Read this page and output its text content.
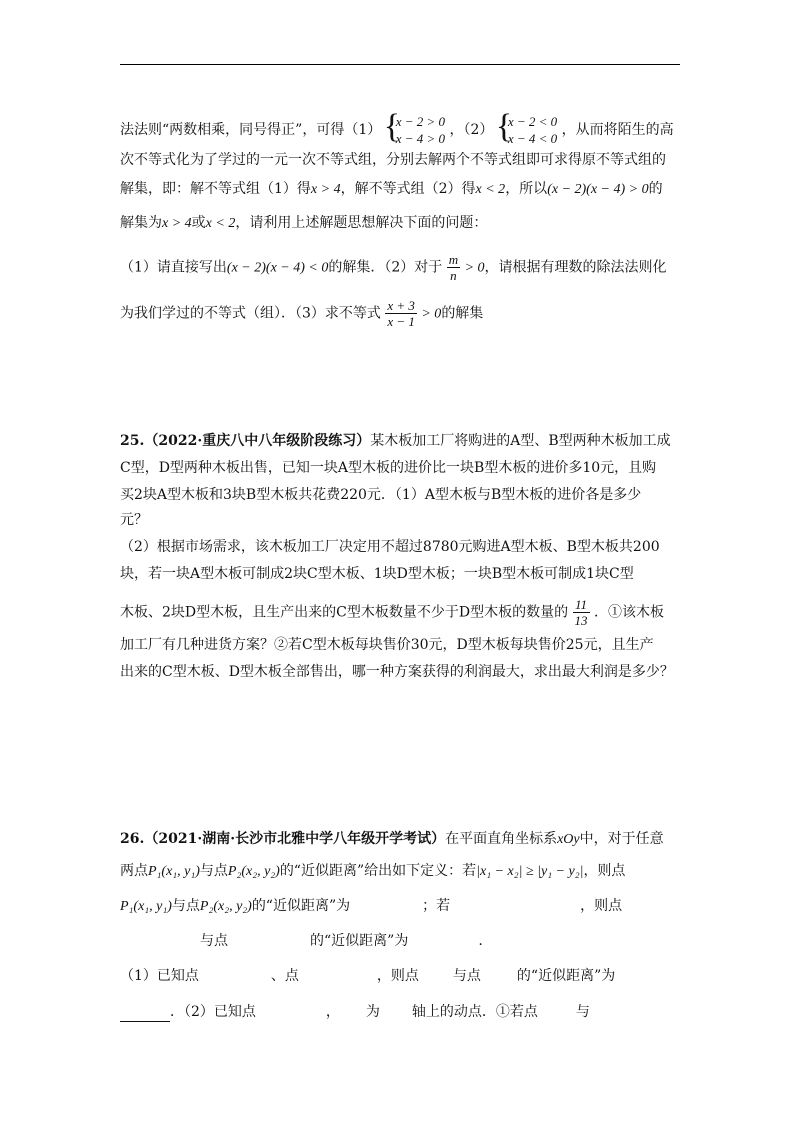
法法则“两数相乘，同号得正”，可得（1）
{ x − 2 > 0
x − 4 > 0
，（2）
{ x − 2 < 0
x − 4 < 0
，从而将陌生的高
次不等式化为了学过的一元一次不等式组，分别去解两个不等式组即可求得原不等式组的
解集，即：解不等式组（1）得x > 4，解不等式组（2）得x < 2，所以(x − 2)(x − 4) > 0的
解集为x > 4或x < 2，请利用上述解题思想解决下面的问题：
（1）请直接写出(x − 2)(x − 4) < 0的解集．（2）对于 $\frac{m}{n} > 0$，请根据有理数的除法法则化
为我们学过的不等式（组）．（3）求不等式 $\frac{x + 3}{x - 1} > 0$的解集
25.（2022·重庆八中八年级阶段练习）某木板加工厂将购进的A型、B型两种木板加工成
C型，D型两种木板出售，已知一块A型木板的进价比一块B型木板的进价多10元，且购
买2块A型木板和3块B型木板共花费220元．（1）A型木板与B型木板的进价各是多少
元？
（2）根据市场需求，该木板加工厂决定用不超过8780元购进A型木板、B型木板共200
块，若一块A型木板可制成2块C型木板、1块D型木板；一块B型木板可制成1块C型
木板、2块D型木板，且生产出来的C型木板数量不少于D型木板的数量的 $\frac{11}{13}$ ．①该木板
加工厂有几种进货方案？②若C型木板每块售价30元，D型木板每块售价25元，且生产
出来的C型木板、D型木板全部售出，哪一种方案获得的利润最大，求出最大利润是多少？
26.（2021·湖南·长沙市北雅中学八年级开学考试）在平面直角坐标系xOy中，对于任意
两点P₁(x₁, y₁)与点P₂(x₂, y₂)的“近似距离”给出如下定义：若|x₁ − x₂| ≥ |y₁ − y₂|，则点
P₁(x₁, y₁)与点P₂(x₂, y₂)的“近似距离”为	；若	，则点
与点	的“近似距离”为	.
（1）已知点	、点	，则点 与点	的“近似距离”为
．（2）已知点	， 为 轴上的动点．①若点	与
